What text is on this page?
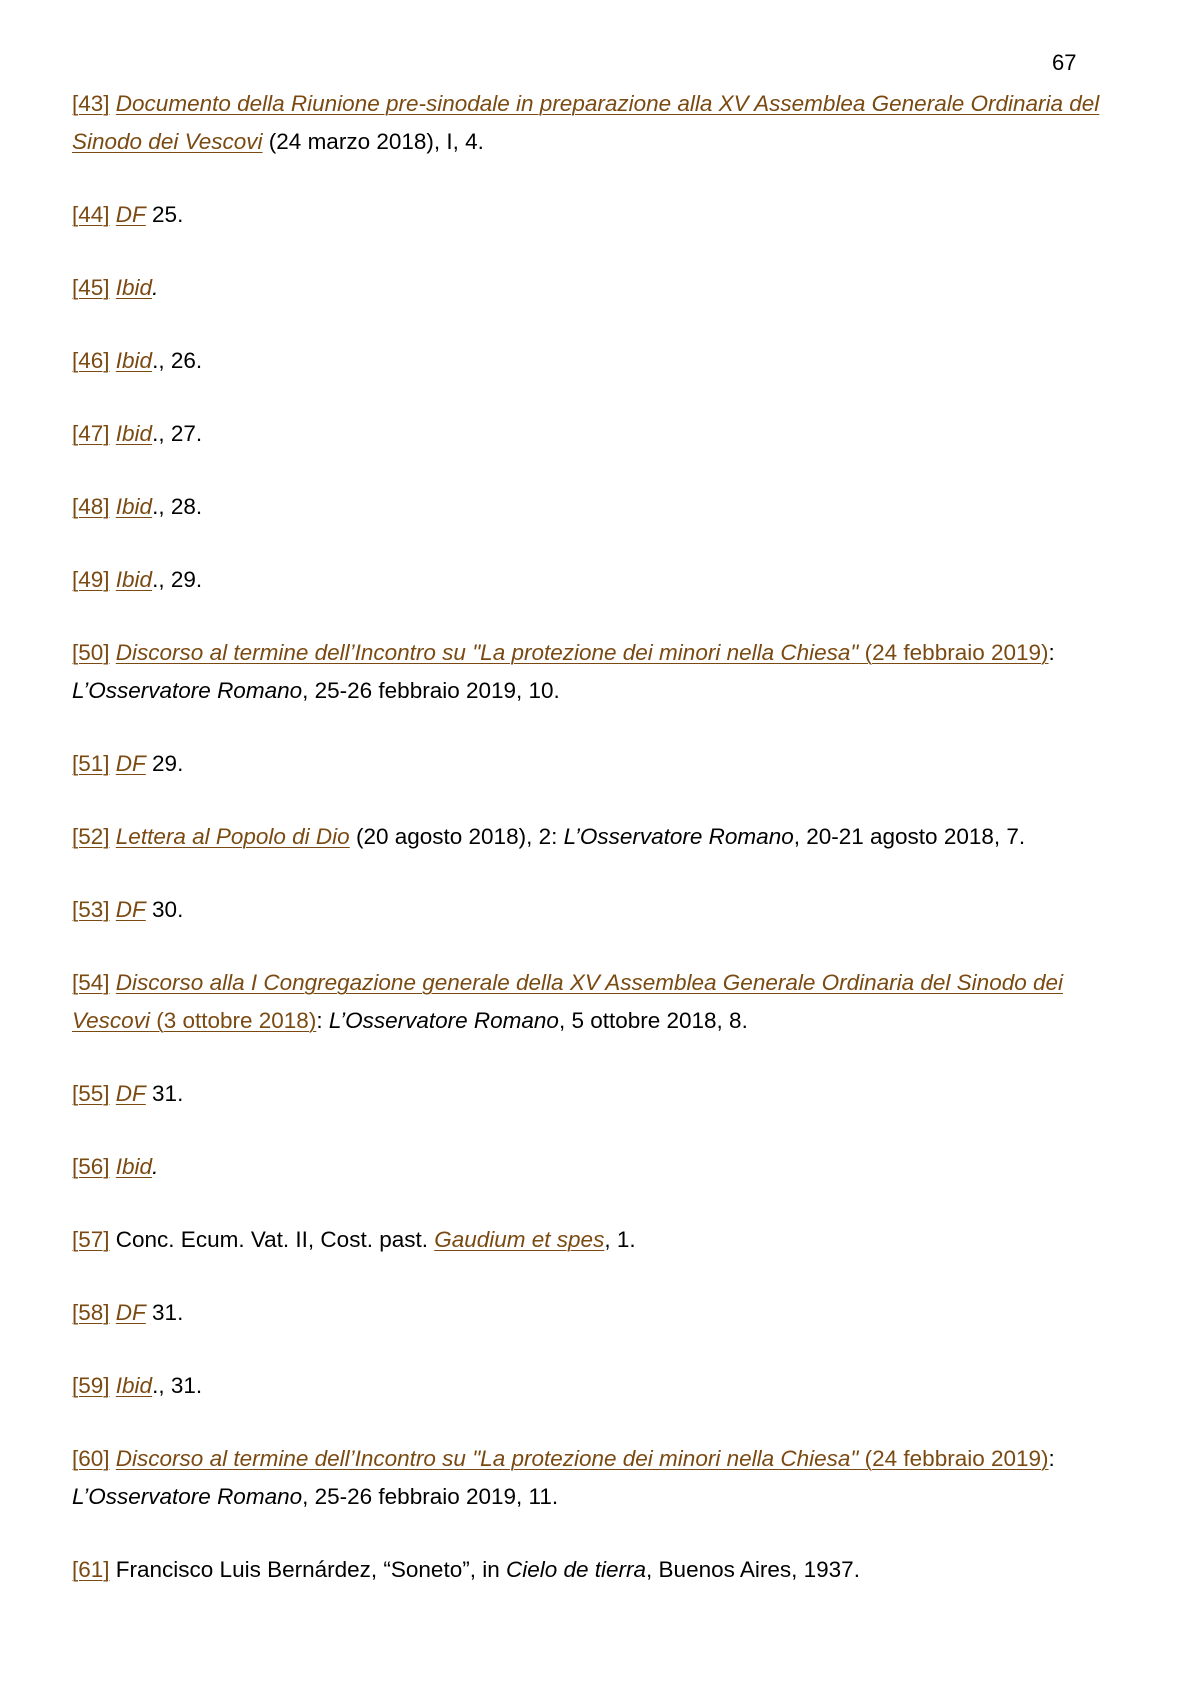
67

[43] Documento della Riunione pre-sinodale in preparazione alla XV Assemblea Generale Ordinaria del Sinodo dei Vescovi (24 marzo 2018), I, 4.

[44] DF 25.

[45] Ibid.

[46] Ibid., 26.

[47] Ibid., 27.

[48] Ibid., 28.

[49] Ibid., 29.

[50] Discorso al termine dell’Incontro su "La protezione dei minori nella Chiesa" (24 febbraio 2019): L’Osservatore Romano, 25-26 febbraio 2019, 10.

[51] DF 29.

[52] Lettera al Popolo di Dio (20 agosto 2018), 2: L’Osservatore Romano, 20-21 agosto 2018, 7.

[53] DF 30.

[54] Discorso alla I Congregazione generale della XV Assemblea Generale Ordinaria del Sinodo dei Vescovi (3 ottobre 2018): L’Osservatore Romano, 5 ottobre 2018, 8.

[55] DF 31.

[56] Ibid.

[57] Conc. Ecum. Vat. II, Cost. past. Gaudium et spes, 1.

[58] DF 31.

[59] Ibid., 31.

[60] Discorso al termine dell’Incontro su "La protezione dei minori nella Chiesa" (24 febbraio 2019): L’Osservatore Romano, 25-26 febbraio 2019, 11.

[61] Francisco Luis Bernárdez, “Soneto”, in Cielo de tierra, Buenos Aires, 1937.
